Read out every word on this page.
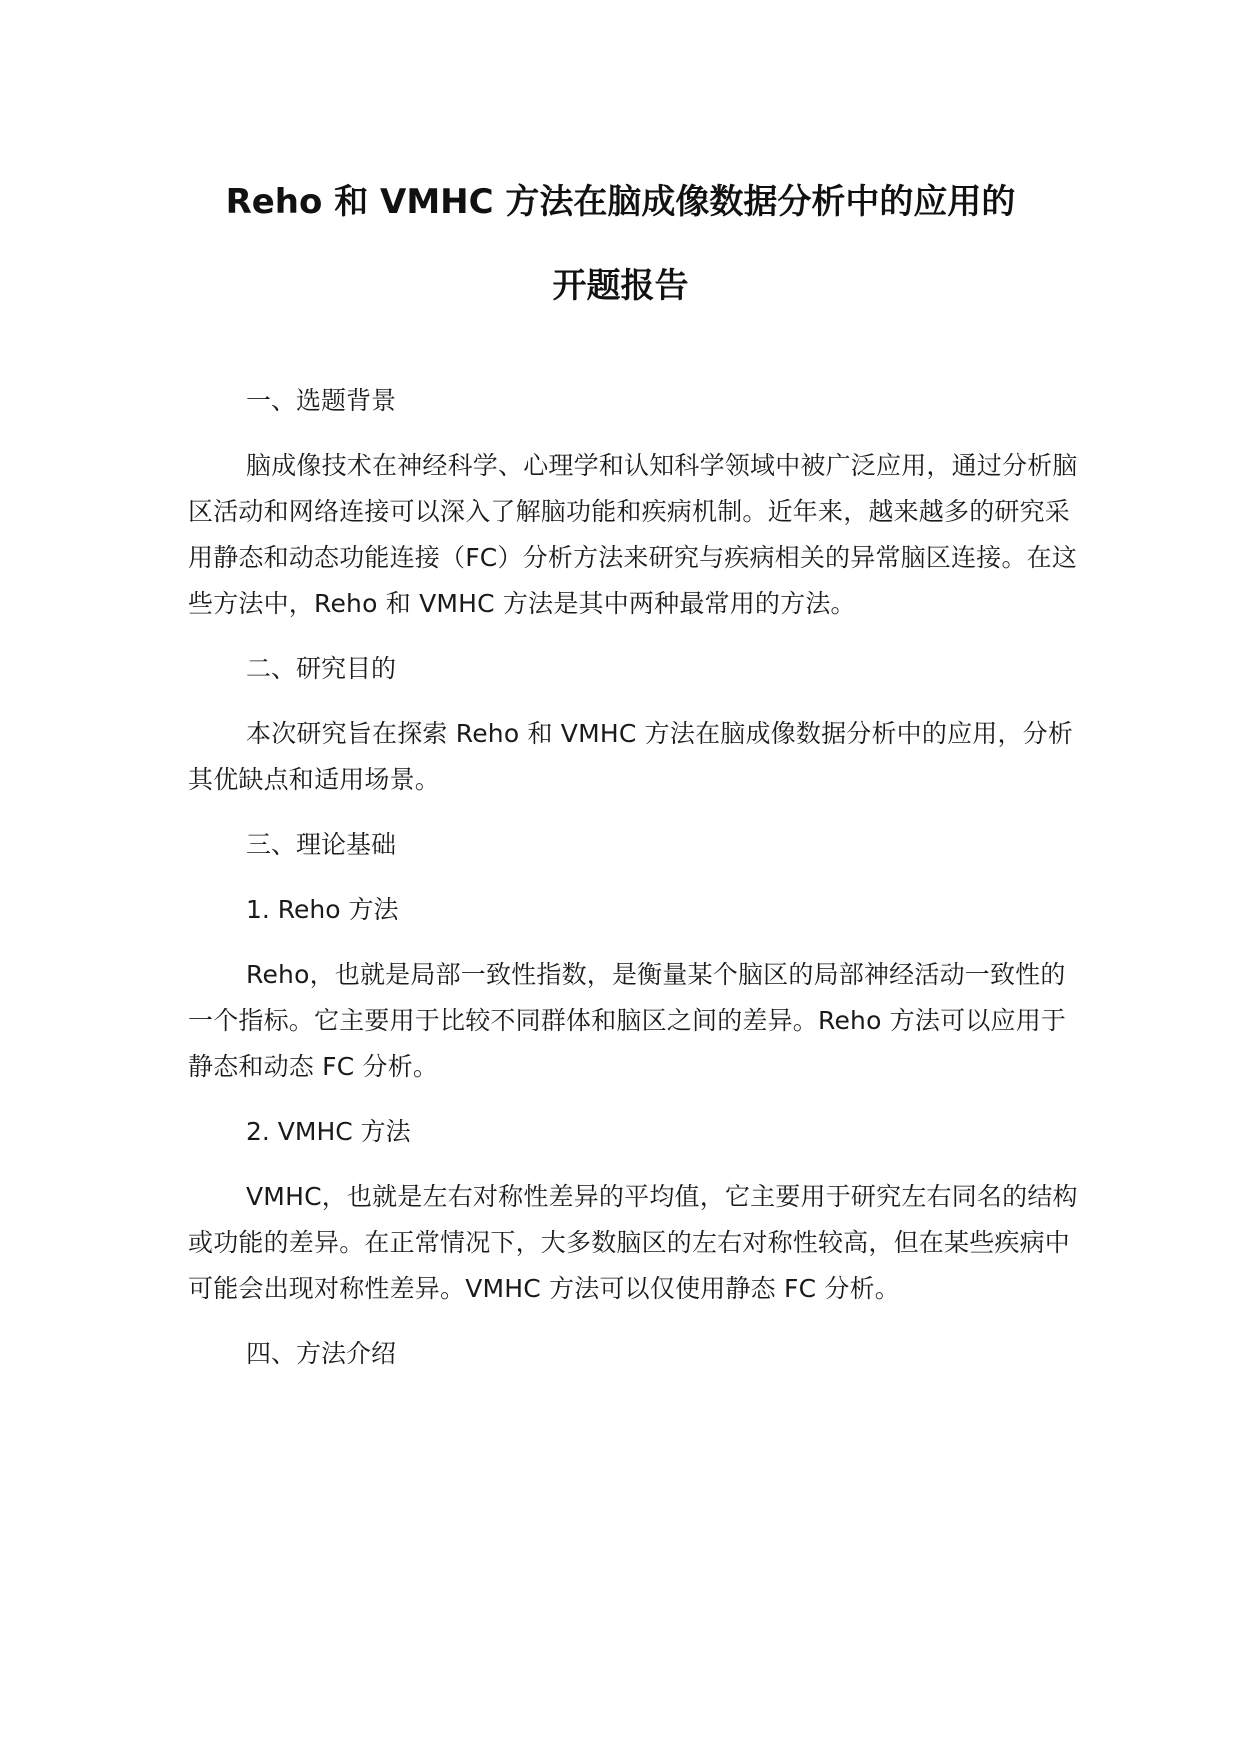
Reho 和 VMHC 方法在脑成像数据分析中的应用的
开题报告

一、选题背景

脑成像技术在神经科学、心理学和认知科学领域中被广泛应用，通过分析脑区活动和网络连接可以深入了解脑功能和疾病机制。近年来，越来越多的研究采用静态和动态功能连接（FC）分析方法来研究与疾病相关的异常脑区连接。在这些方法中，Reho 和 VMHC 方法是其中两种最常用的方法。

二、研究目的

本次研究旨在探索 Reho 和 VMHC 方法在脑成像数据分析中的应用，分析其优缺点和适用场景。

三、理论基础

1. Reho 方法

Reho，也就是局部一致性指数，是衡量某个脑区的局部神经活动一致性的一个指标。它主要用于比较不同群体和脑区之间的差异。Reho 方法可以应用于静态和动态 FC 分析。

2. VMHC 方法

VMHC，也就是左右对称性差异的平均值，它主要用于研究左右同名的结构或功能的差异。在正常情况下，大多数脑区的左右对称性较高，但在某些疾病中可能会出现对称性差异。VMHC 方法可以仅使用静态 FC 分析。

四、方法介绍
